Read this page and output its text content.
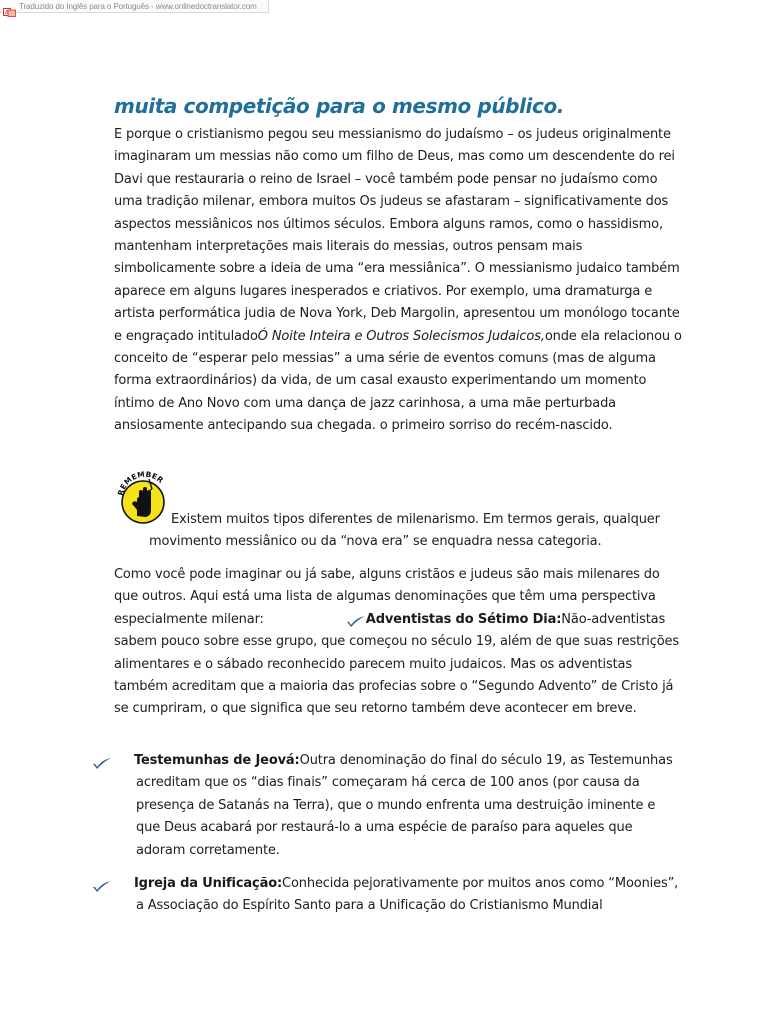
A
Traduzido do Inglês para o Português - www.onlinedoctranslator.com
muita competição para o mesmo público.

E porque o cristianismo pegou seu messianismo do judaísmo – os judeus originalmente imaginaram um messias não como um filho de Deus, mas como um descendente do rei Davi que restauraria o reino de Israel – você também pode pensar no judaísmo como uma tradição milenar, embora muitos Os judeus se afastaram – significativamente dos aspectos messiânicos nos últimos séculos. Embora alguns ramos, como o hassidismo, mantenham interpretações mais literais do messias, outros pensam mais simbolicamente sobre a ideia de uma “era messiânica”. O messianismo judaico também aparece em alguns lugares inesperados e criativos. Por exemplo, uma dramaturga e artista performática judia de Nova York, Deb Margolin, apresentou um monólogo tocante e engraçado intituladoÓ Noite Inteira e Outros Solecismos Judaicos,onde ela relacionou o conceito de “esperar pelo messias” a uma série de eventos comuns (mas de alguma forma extraordinários) da vida, de um casal exausto experimentando um momento íntimo de Ano Novo com uma dança de jazz carinhosa, a uma mãe perturbada ansiosamente antecipando sua chegada. o primeiro sorriso do recém-nascido.

REMEMBER

Existem muitos tipos diferentes de milenarismo. Em termos gerais, qualquer movimento messiânico ou da “nova era” se enquadra nessa categoria.

Como você pode imaginar ou já sabe, alguns cristãos e judeus são mais milenares do que outros. Aqui está uma lista de algumas denominações que têm uma perspectiva especialmente milenar:	Adventistas do Sétimo Dia:Não-adventistas sabem pouco sobre esse grupo, que começou no século 19, além de que suas restrições alimentares e o sábado reconhecido parecem muito judaicos. Mas os adventistas também acreditam que a maioria das profecias sobre o “Segundo Advento” de Cristo já se cumpriram, o que significa que seu retorno também deve acontecer em breve.

Testemunhas de Jeová:Outra denominação do final do século 19, as Testemunhas acreditam que os “dias finais” começaram há cerca de 100 anos (por causa da presença de Satanás na Terra), que o mundo enfrenta uma destruição iminente e que Deus acabará por restaurá-lo a uma espécie de paraíso para aqueles que adoram corretamente.
Igreja da Unificação:Conhecida pejorativamente por muitos anos como “Moonies”, a Associação do Espírito Santo para a Unificação do Cristianismo Mundial
